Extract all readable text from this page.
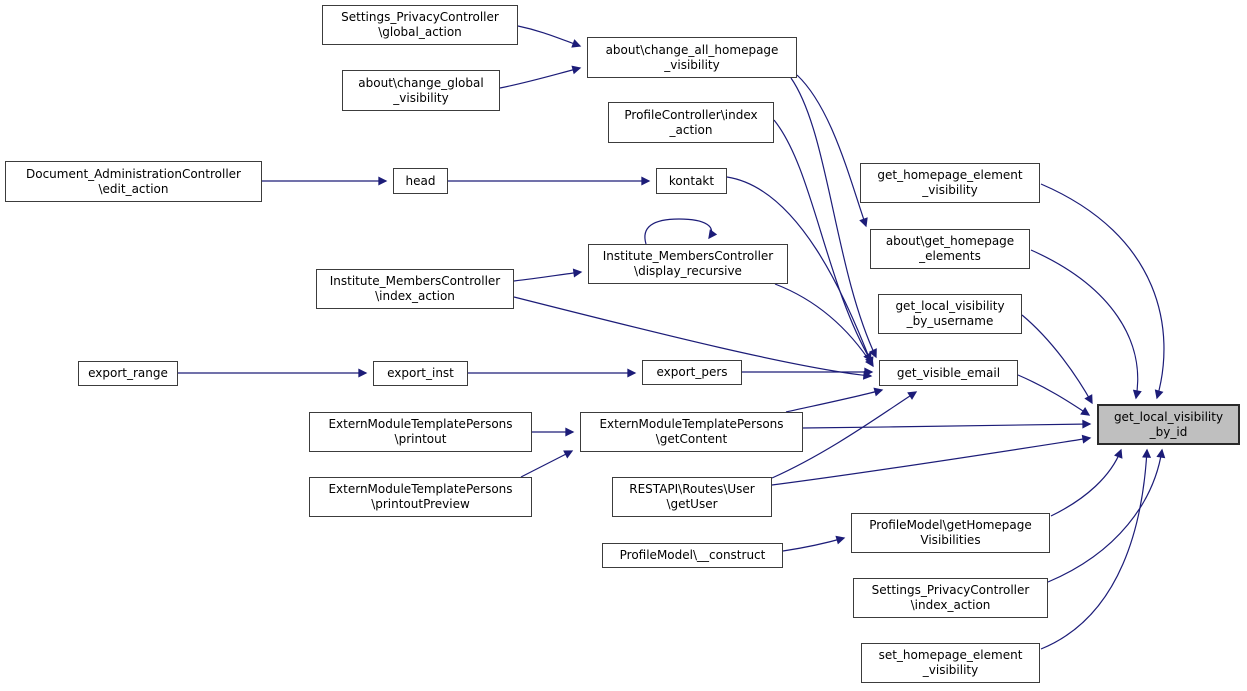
Settings_PrivacyController
\global_action
about\change_global
_visibility
about\change_all_homepage
_visibility
ProfileController\index
_action
Document_AdministrationController
\edit_action
head	kontakt
Institute_MembersController
\display_recursive
Institute_MembersController
\index_action
export_range	export_inst	export_pers
ExternModuleTemplatePersons
\printout
ExternModuleTemplatePersons
\printoutPreview
ExternModuleTemplatePersons
\getContent
RESTAPI\Routes\User
\getUser
ProfileModel\__construct
get_homepage_element
_visibility
about\get_homepage
_elements
get_local_visibility
_by_username
get_visible_email
ProfileModel\getHomepage
Visibilities
Settings_PrivacyController
\index_action
set_homepage_element
_visibility
get_local_visibility
_by_id
